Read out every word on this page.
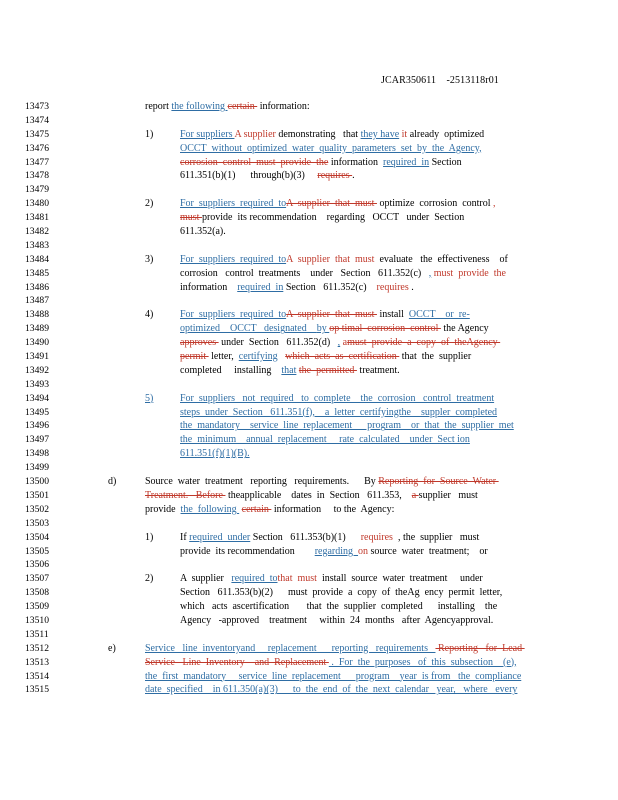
JCAR350611 -2513118r01
13473	report the following certain  information:
13474
13475	1)	For suppliers A supplier demonstrating   that they have it already  optimized
13476	OCCT  without  optimized  water  quality  parameters  set  by  the  Agency,
13477	corrosion  control  must  provide  the information  required  in Section
13478	611.351(b)(1)      through(b)(3)     requires .
13479
13480	2)	For  suppliers  required  toA  supplier  that  must  optimize  corrosion  control ,
13481	must provide  its recommendation    regarding   OCCT   under  Section
13482	611.352(a).
13483
13484	3)	For  suppliers  required  toA  supplier  that  must  evaluate   the  effectiveness    of
13485	corrosion   control  treatments    under   Section   611.352(c)   , must  provide  the
13486	information    required  in Section   611.352(c)    requires .
13487
13488	4)	For  suppliers  required  toA  supplier  that  must  install  OCCT    or  re-
13489	optimized    OCCT   designated    by op timal  corrosion  control  the Agency
13490	approves  under  Section   611.352(d)   , amust  provide  a  copy  of  theAgency
13491	permit  letter,  certifying which  acts  as  certification  that  the  supplier
13492	completed     installing    that the  permitted  treatment.
13493
13494	5)	For  suppliers   not  required   to  complete    the  corrosion   control  treatment
13495	steps  under  Section   611.351(f),    a  letter  certifyingthe    suppler  completed
13496	the  mandatory    service  line  replacement      program    or  that  the  supplier  met
13497	the  minimum    annual  replacement     rate  calculated    under  Sect ion
13498	611.351(f)(1)(B).
13499
13500	d)	Source  water  treatment   reporting   requirements.      By Reporting  for  Source  Water
13501	Treatment.   Before  theapplicable    dates  in  Section   611.353,    a supplier   must
13502	provide  the  following  certain  information     to the  Agency:
13503
13504	1)	If required  under Section   611.353(b)(1)      requires  , the  supplier   must
13505	provide  its recommendation        regarding  on source  water  treatment;    or
13506
13507	2)	A  supplier   required  tothat  must  install  source  water  treatment     under
13508	Section   611.353(b)(2)      must  provide  a  copy  of  theAg  ency  permit  letter,
13509	which   acts  ascertification       that  the  supplier  completed      installing    the
13510	Agency   -approved    treatment     within  24  months   after  Agencyapproval.
13511
13512	e)	Service   line  inventoryand     replacement      reporting   requirements    Reporting   for  Lead
13513	Service   Line  Inventory    and  Replacement  .  For  the  purposes   of  this  subsection    (e),
13514	the  first  mandatory     service  line  replacement      program    year  is from   the  compliance
13515	date  specified    in 611.350(a)(3)      to  the  end  of  the  next  calendar   year,   where   every
